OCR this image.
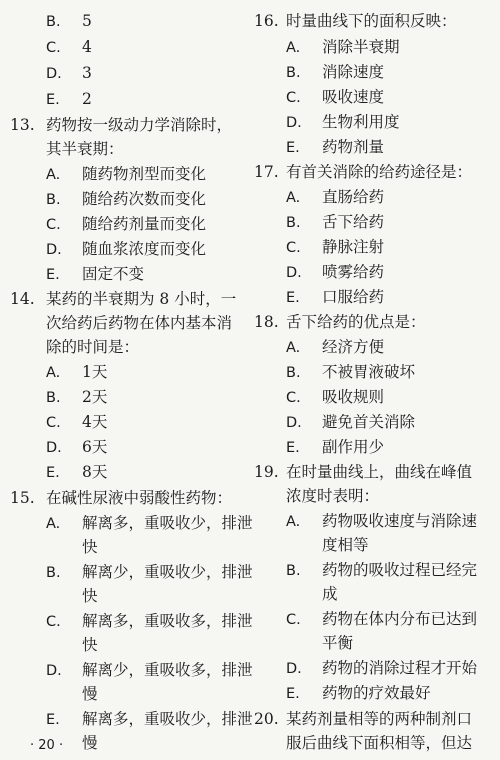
B. 5
C. 4
D. 3
E. 2
13. 药物按一级动力学消除时，
其半衰期：
A. 随药物剂型而变化
B. 随给药次数而变化
C. 随给药剂量而变化
D. 随血浆浓度而变化
E. 固定不变
14. 某药的半衰期为 8 小时，一
次给药后药物在体内基本消
除的时间是：
A. 1天
B. 2天
C. 4天
D. 6天
E. 8天
15. 在碱性尿液中弱酸性药物：
A. 解离多，重吸收少，排泄
快
B. 解离少，重吸收少，排泄
快
C. 解离多，重吸收多，排泄
快
D. 解离少，重吸收多，排泄
慢
E. 解离多，重吸收少，排泄
慢
16. 时量曲线下的面积反映：
A. 消除半衰期
B. 消除速度
C. 吸收速度
D. 生物利用度
E. 药物剂量
17. 有首关消除的给药途径是：
A. 直肠给药
B. 舌下给药
C. 静脉注射
D. 喷雾给药
E. 口服给药
18. 舌下给药的优点是：
A. 经济方便
B. 不被胃液破坏
C. 吸收规则
D. 避免首关消除
E. 副作用少
19. 在时量曲线上，曲线在峰值
浓度时表明：
A. 药物吸收速度与消除速
度相等
B. 药物的吸收过程已经完
成
C. 药物在体内分布已达到
平衡
D. 药物的消除过程才开始
E. 药物的疗效最好
20. 某药剂量相等的两种制剂口
服后曲线下面积相等，但达
· 20 ·
